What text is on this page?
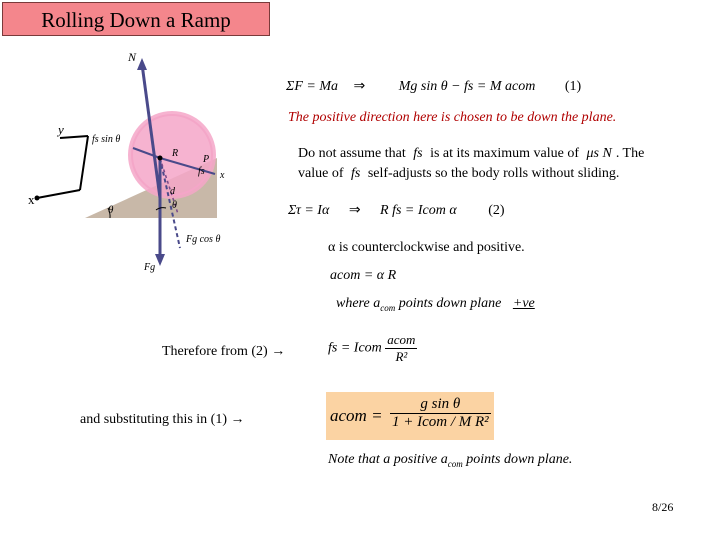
Rolling Down a Ramp
N
y
fs sin θ
R
P
fs x
x
θ	θ
d
Fg cos θ
Fg
ΣF = Ma ⇒ Mg sin θ − fs = M acom (1)
The positive direction here is chosen to be down the plane.
Do not assume that fs is at its maximum value of μs N . The
value of fs self-adjusts so the body rolls without sliding.
Στ = Iα ⇒ R fs = Icom α (2)
α is counterclockwise and positive.
acom = α R
where $a_{com}$ points down plane +ve
Therefore from (2) →	fs = Icom $\frac{\text{acom}}{\text{R²}}$
and substituting this in (1) →	acom =
g sin θ
1 + Icom / M R²
Note that a positive $a_{com}$ points down plane.
8/26
